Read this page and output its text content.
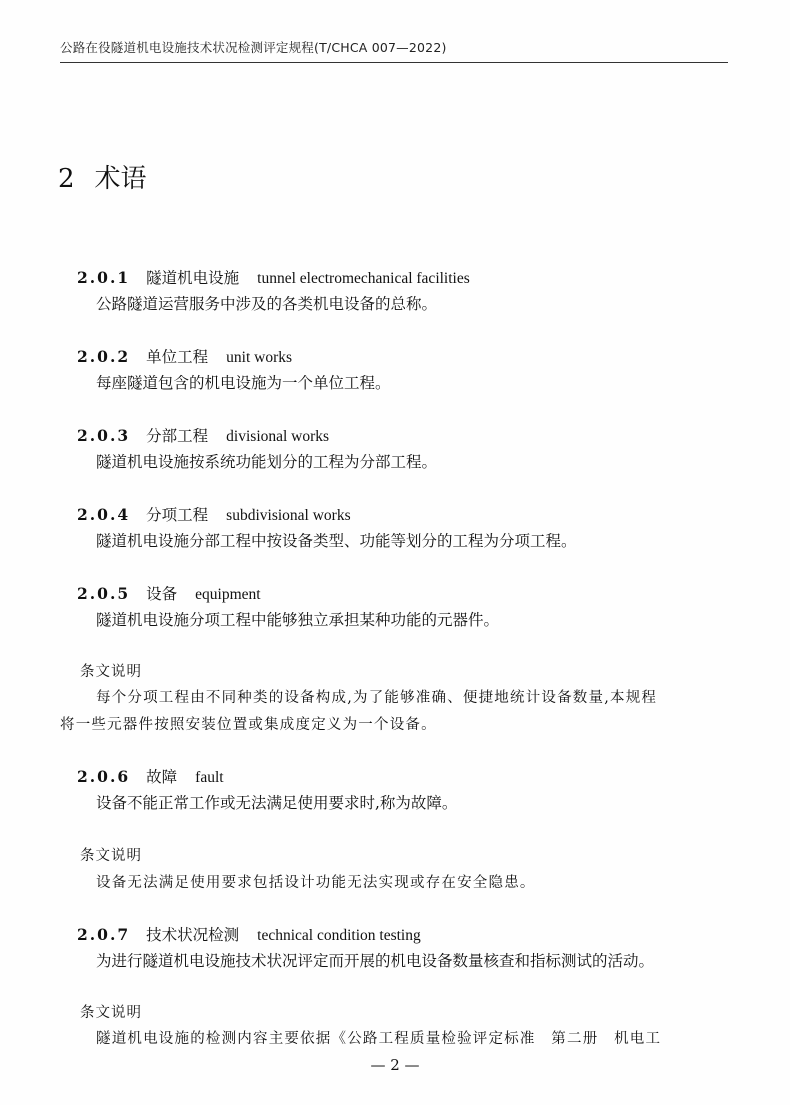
公路在役隧道机电设施技术状况检测评定规程(T/CHCA 007—2022)
2 术语
2.0.1 隧道机电设施 tunnel electromechanical facilities
公路隧道运营服务中涉及的各类机电设备的总称。
2.0.2 单位工程 unit works
每座隧道包含的机电设施为一个单位工程。
2.0.3 分部工程 divisional works
隧道机电设施按系统功能划分的工程为分部工程。
2.0.4 分项工程 subdivisional works
隧道机电设施分部工程中按设备类型、功能等划分的工程为分项工程。
2.0.5 设备 equipment
隧道机电设施分项工程中能够独立承担某种功能的元器件。
条文说明
每个分项工程由不同种类的设备构成,为了能够准确、便捷地统计设备数量,本规程
将一些元器件按照安装位置或集成度定义为一个设备。
2.0.6 故障 fault
设备不能正常工作或无法满足使用要求时,称为故障。
条文说明
设备无法满足使用要求包括设计功能无法实现或存在安全隐患。
2.0.7 技术状况检测 technical condition testing
为进行隧道机电设施技术状况评定而开展的机电设备数量核查和指标测试的活动。
条文说明
隧道机电设施的检测内容主要依据《公路工程质量检验评定标准　第二册　机电工
— 2 —
